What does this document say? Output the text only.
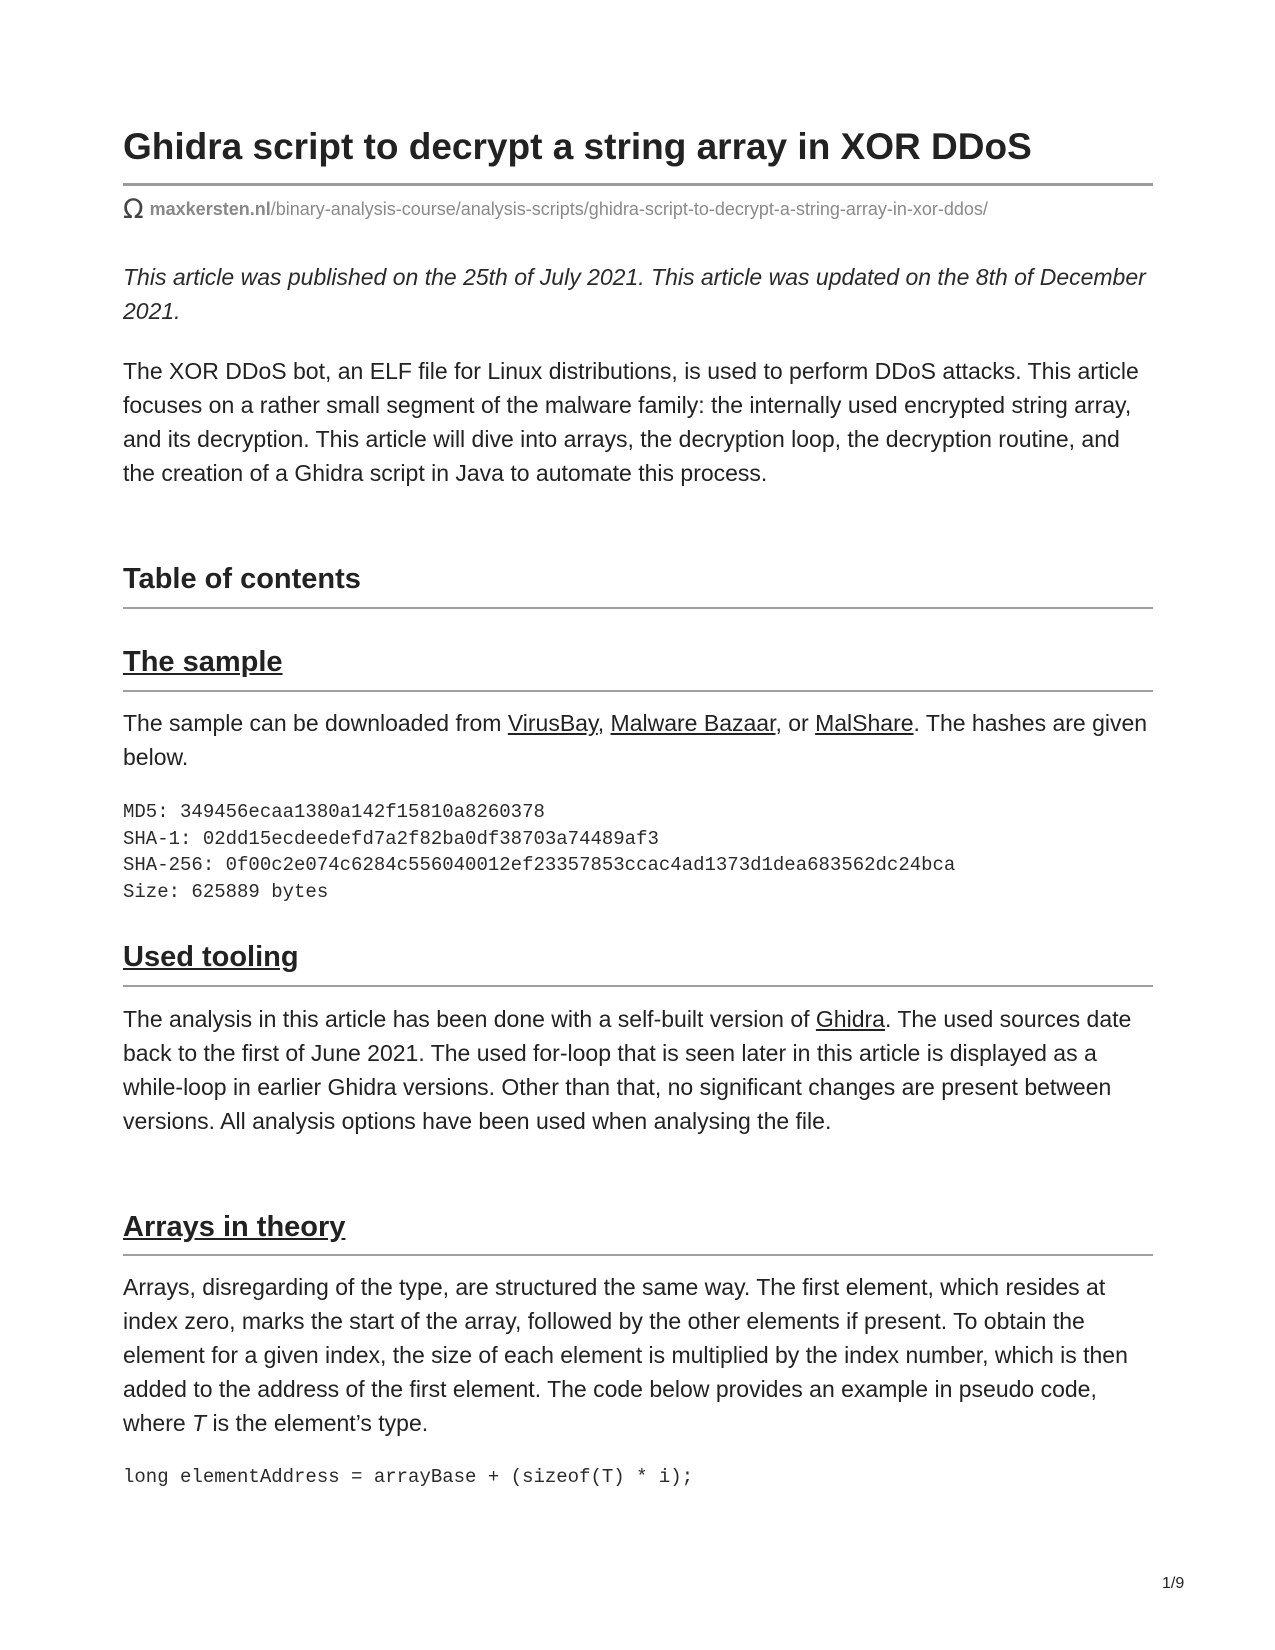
Ghidra script to decrypt a string array in XOR DDoS
Ω maxkersten.nl /binary-analysis-course/analysis-scripts/ghidra-script-to-decrypt-a-string-array-in-xor-ddos/

This article was published on the 25th of July 2021. This article was updated on the 8th of December 2021.

The XOR DDoS bot, an ELF file for Linux distributions, is used to perform DDoS attacks. This article focuses on a rather small segment of the malware family: the internally used encrypted string array, and its decryption. This article will dive into arrays, the decryption loop, the decryption routine, and the creation of a Ghidra script in Java to automate this process.

Table of contents
The sample

The sample can be downloaded from VirusBay, Malware Bazaar, or MalShare. The hashes are given below.

MD5: 349456ecaa1380a142f15810a8260378
SHA-1: 02dd15ecdeedefd7a2f82ba0df38703a74489af3
SHA-256: 0f00c2e074c6284c556040012ef23357853ccac4ad1373d1dea683562dc24bca
Size: 625889 bytes
Used tooling

The analysis in this article has been done with a self-built version of Ghidra. The used sources date back to the first of June 2021. The used for-loop that is seen later in this article is displayed as a while-loop in earlier Ghidra versions. Other than that, no significant changes are present between versions. All analysis options have been used when analysing the file.

Arrays in theory

Arrays, disregarding of the type, are structured the same way. The first element, which resides at index zero, marks the start of the array, followed by the other elements if present. To obtain the element for a given index, the size of each element is multiplied by the index number, which is then added to the address of the first element. The code below provides an example in pseudo code, where T is the element’s type.

long elementAddress = arrayBase + (sizeof(T) * i);
1/9
